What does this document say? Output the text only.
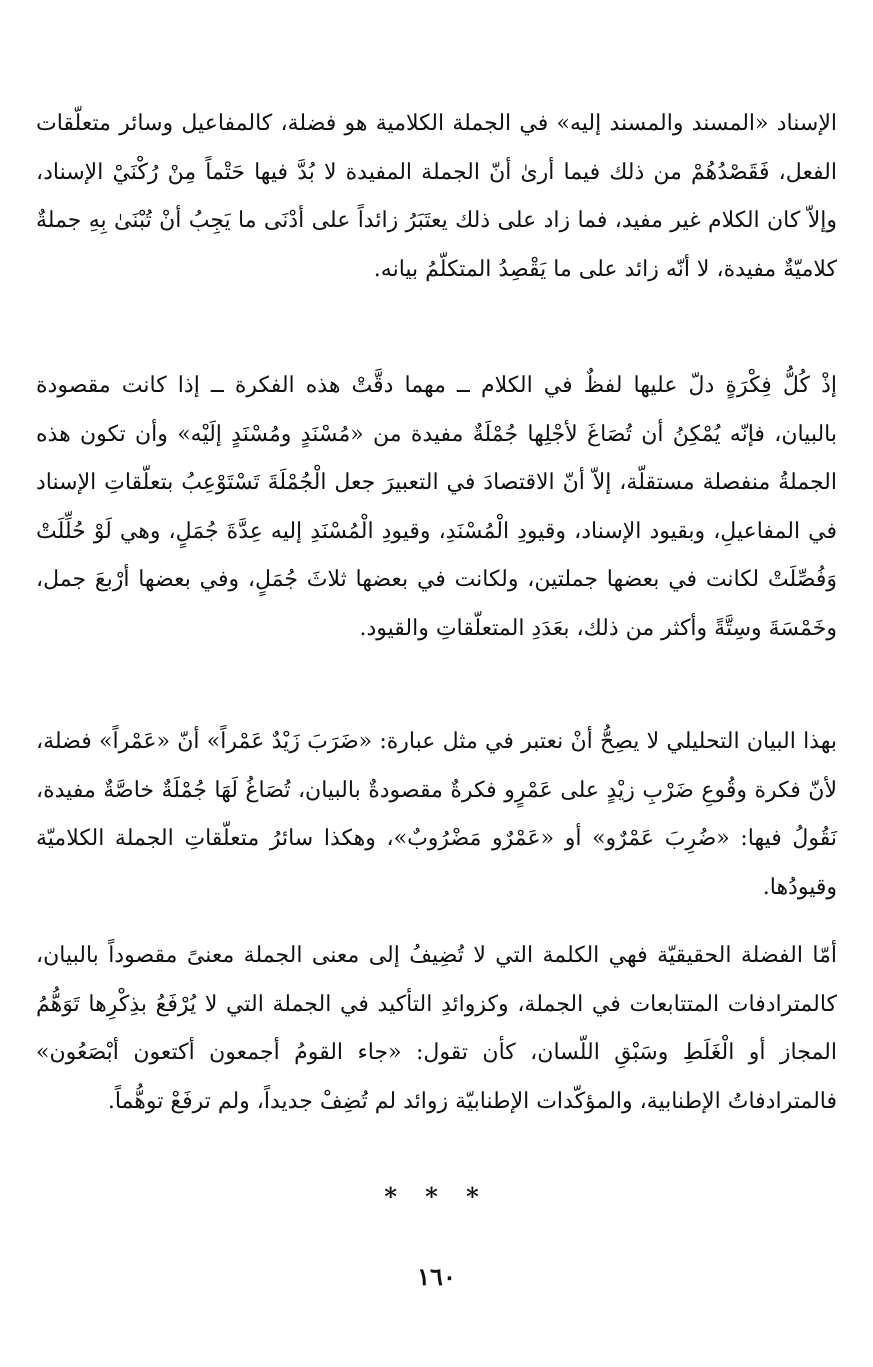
الإسناد «المسند والمسند إليه» في الجملة الكلامية هو فضلة، كالمفاعيل وسائر متعلّقات الفعل، فَقَصْدُهُمْ من ذلك فيما أرىٰ أنّ الجملة المفيدة لا بُدَّ فيها حَتْماً مِنْ رُكْنَيْ الإسناد، وإلاّ كان الكلام غير مفيد، فما زاد على ذلك يعتَبَرُ زائداً على أدْنَى ما يَجِبُ أنْ تُبْنَىٰ بِهِ جملةٌ كلاميّةٌ مفيدة، لا أنّه زائد على ما يَقْصِدُ المتكلّمُ بيانه.

إذْ كُلُّ فِكْرَةٍ دلّ عليها لفظٌ في الكلام ــ مهما دقَّتْ هذه الفكرة ــ إذا كانت مقصودة بالبيان، فإنّه يُمْكِنُ أن تُصَاغَ لأجْلِها جُمْلَةٌ مفيدة من «مُسْنَدٍ ومُسْنَدٍ إلَيْه» وأن تكون هذه الجملةُ منفصلة مستقلّة، إلاّ أنّ الاقتصادَ في التعبيرَ جعل الْجُمْلَةَ تَسْتَوْعِبُ بتعلّقاتِ الإسناد في المفاعيلِ، وبقيود الإسناد، وقيودِ الْمُسْنَدِ، وقيودِ الْمُسْنَدِ إليه عِدَّةَ جُمَلٍ، وهي لَوْ حُلِّلَتْ وَفُصِّلَتْ لكانت في بعضها جملتين، ولكانت في بعضها ثلاثَ جُمَلٍ، وفي بعضها أرْبعَ جمل، وخَمْسَةَ وسِتَّةً وأكثر من ذلك، بعَدَدِ المتعلّقاتِ والقيود.

بهذا البيان التحليلي لا يصِحُّ أنْ نعتبر في مثل عبارة: «ضَرَبَ زَيْدٌ عَمْراً» أنّ «عَمْراً» فضلة، لأنّ فكرة وقُوعِ ضَرْبِ زيْدٍ على عَمْرٍو فكرةٌ مقصودةٌ بالبيان، تُصَاغُ لَهَا جُمْلَةٌ خاصَّةٌ مفيدة، نَقُولُ فيها: «ضُرِبَ عَمْرٌو» أو «عَمْرٌو مَضْرُوبٌ»، وهكذا سائرُ متعلّقاتِ الجملة الكلاميّة وقيودُها.

أمّا الفضلة الحقيقيّة فهي الكلمة التي لا تُضِيفُ إلى معنى الجملة معنىً مقصوداً بالبيان، كالمترادفات المتتابعات في الجملة، وكزوائدِ التأكيد في الجملة التي لا يُرْفَعُ بذِكْرِها تَوَهُّمُ المجاز أو الْغَلَطِ وسَبْقِ اللّسان، كأن تقول: «جاء القومُ أجمعون أكتعون أبْصَعُون» فالمترادفاتُ الإطنابية، والمؤكّدات الإطنابيّة زوائد لم تُضِفْ جديداً، ولم ترفَعْ توهُّماً.

* * *
١٦٠
